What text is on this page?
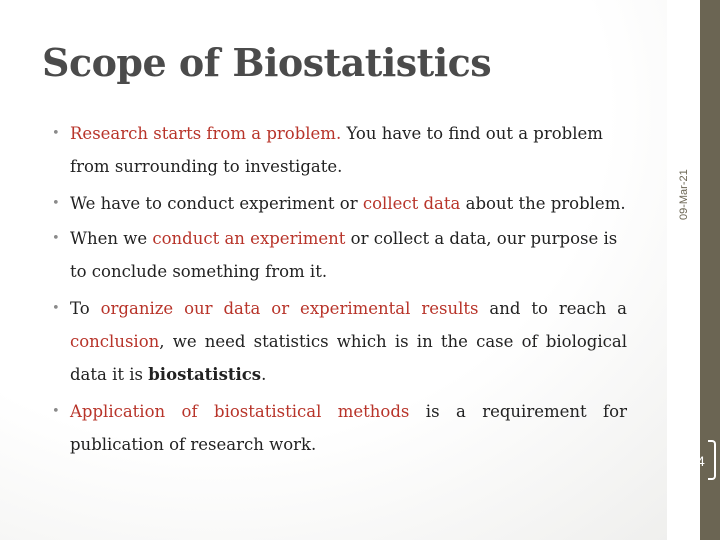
09-Mar-21
Scope of Biostatistics

• Research starts from a problem. You have to find out a problem from surrounding to investigate.

• We have to conduct experiment or collect data about the problem.

• When we conduct an experiment or collect a data, our purpose is to conclude something from it.

• To organize our data or experimental results and to reach a conclusion, we need statistics which is in the case of biological data it is biostatistics.

• Application of biostatistical methods is a requirement for publication of research work.

14
